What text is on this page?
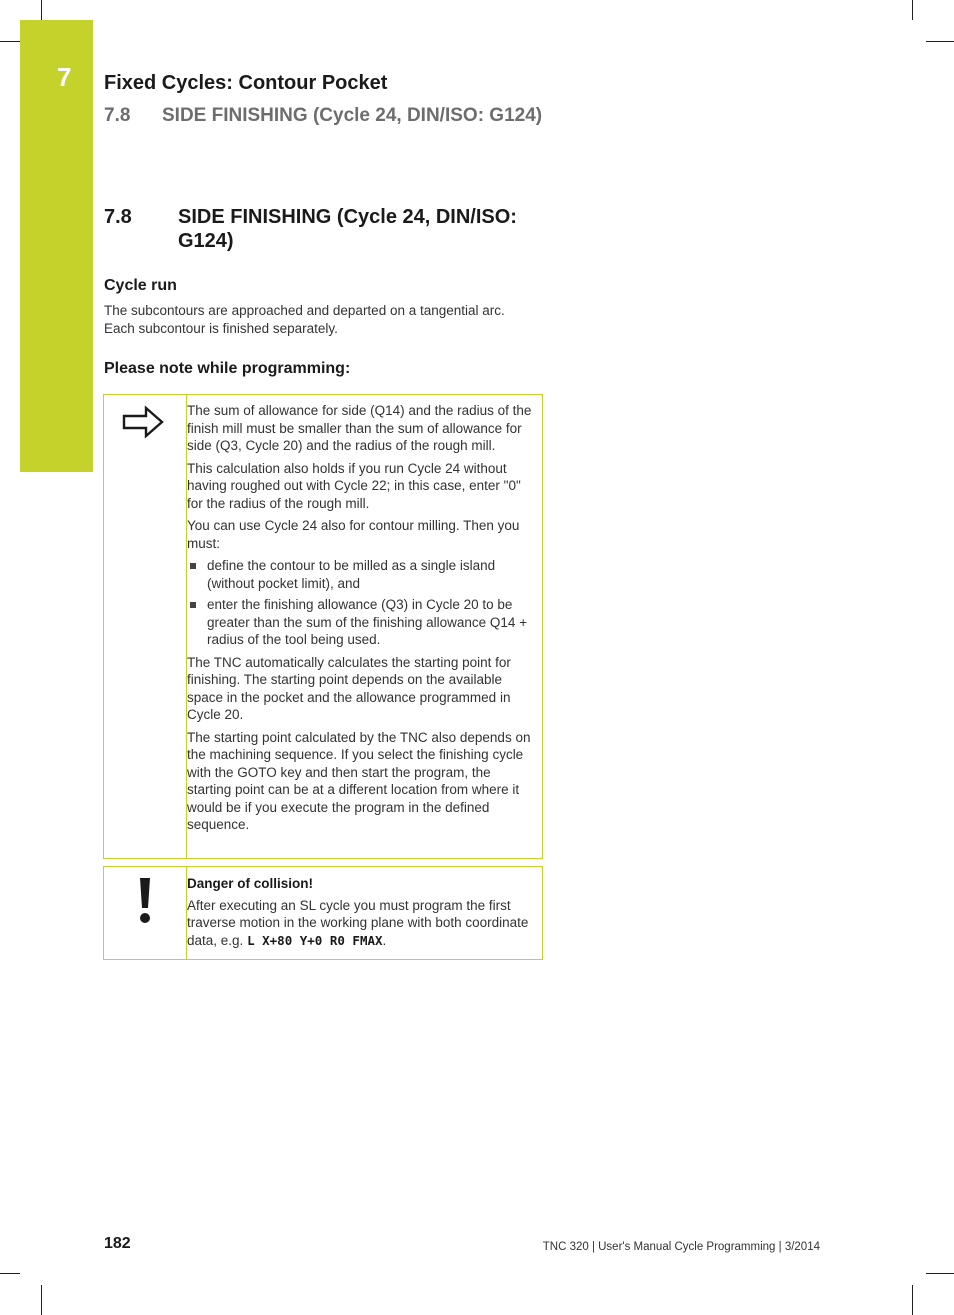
7 Fixed Cycles: Contour Pocket
7.8 SIDE FINISHING (Cycle 24, DIN/ISO: G124)
7.8	SIDE FINISHING (Cycle 24, DIN/ISO: G124)
Cycle run
The subcontours are approached and departed on a tangential arc. Each subcontour is finished separately.
Please note while programming:

The sum of allowance for side (Q14) and the radius of the finish mill must be smaller than the sum of allowance for side (Q3, Cycle 20) and the radius of the rough mill.

This calculation also holds if you run Cycle 24 without having roughed out with Cycle 22; in this case, enter "0" for the radius of the rough mill.

You can use Cycle 24 also for contour milling. Then you must:

define the contour to be milled as a single island (without pocket limit), and
enter the finishing allowance (Q3) in Cycle 20 to be greater than the sum of the finishing allowance Q14 + radius of the tool being used.

The TNC automatically calculates the starting point for finishing. The starting point depends on the available space in the pocket and the allowance programmed in Cycle 20.

The starting point calculated by the TNC also depends on the machining sequence. If you select the finishing cycle with the GOTO key and then start the program, the starting point can be at a different location from where it would be if you execute the program in the defined sequence.

Danger of collision!
After executing an SL cycle you must program the first traverse motion in the working plane with both coordinate data, e.g. L X+80 Y+0 R0 FMAX.
182	TNC 320 | User's Manual Cycle Programming | 3/2014
